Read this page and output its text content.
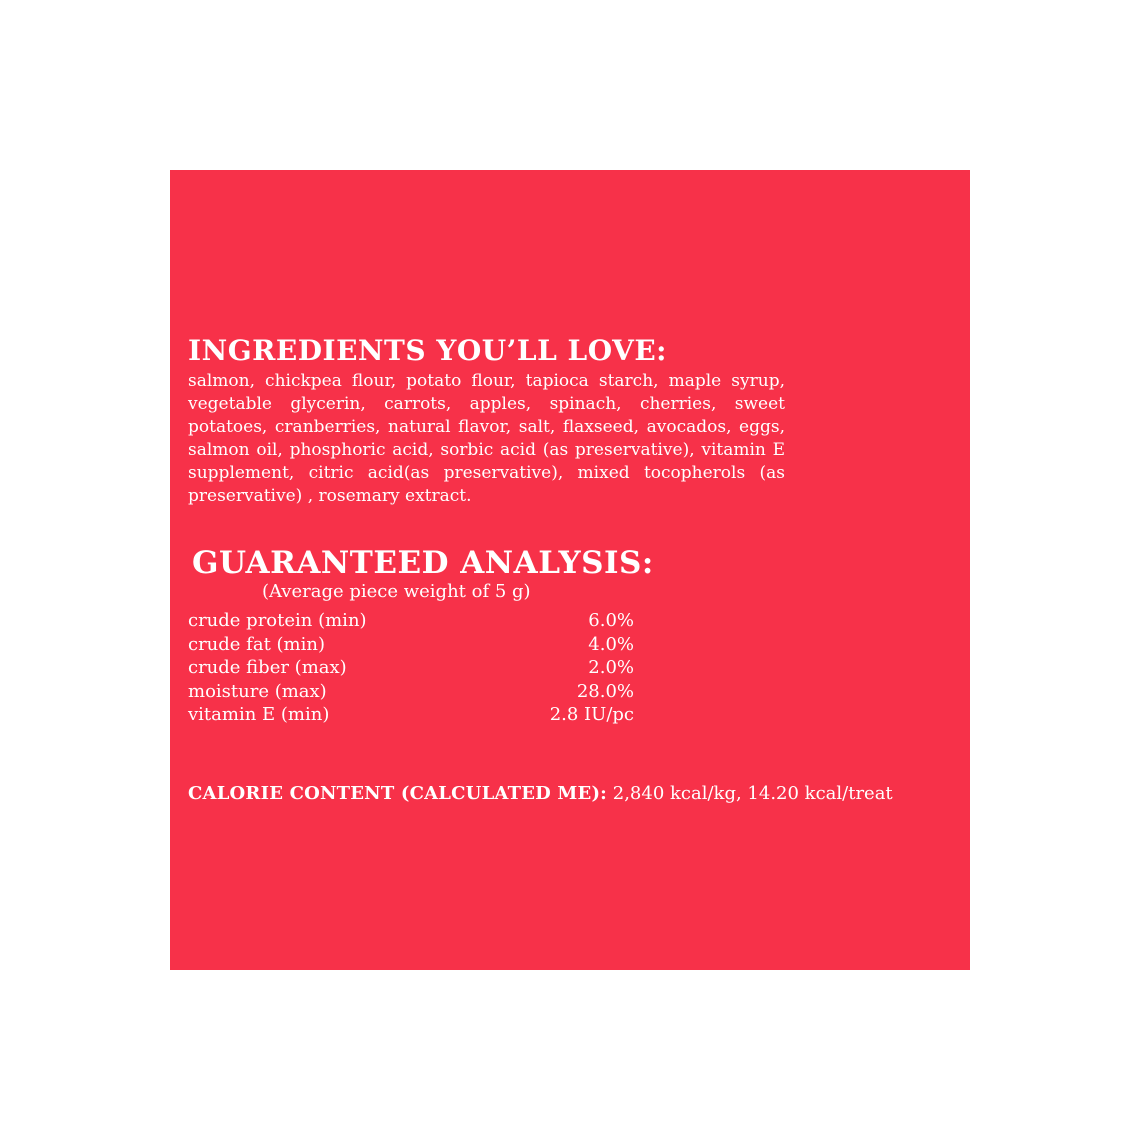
INGREDIENTS YOU’LL LOVE:

salmon, chickpea flour, potato flour, tapioca starch, maple syrup, vegetable glycerin, carrots, apples, spinach, cherries, sweet potatoes, cranberries, natural flavor, salt, flaxseed, avocados, eggs, salmon oil, phosphoric acid, sorbic acid (as preservative), vitamin E supplement, citric acid(as preservative), mixed tocopherols (as preservative) , rosemary extract.

GUARANTEED ANALYSIS:
(Average piece weight of 5 g)
crude protein (min)	6.0%
crude fat (min)	4.0%
crude fiber (max)	2.0%
moisture (max)	28.0%
vitamin E (min)	2.8 IU/pc
CALORIE CONTENT (CALCULATED ME): 2,840 kcal/kg, 14.20 kcal/treat
